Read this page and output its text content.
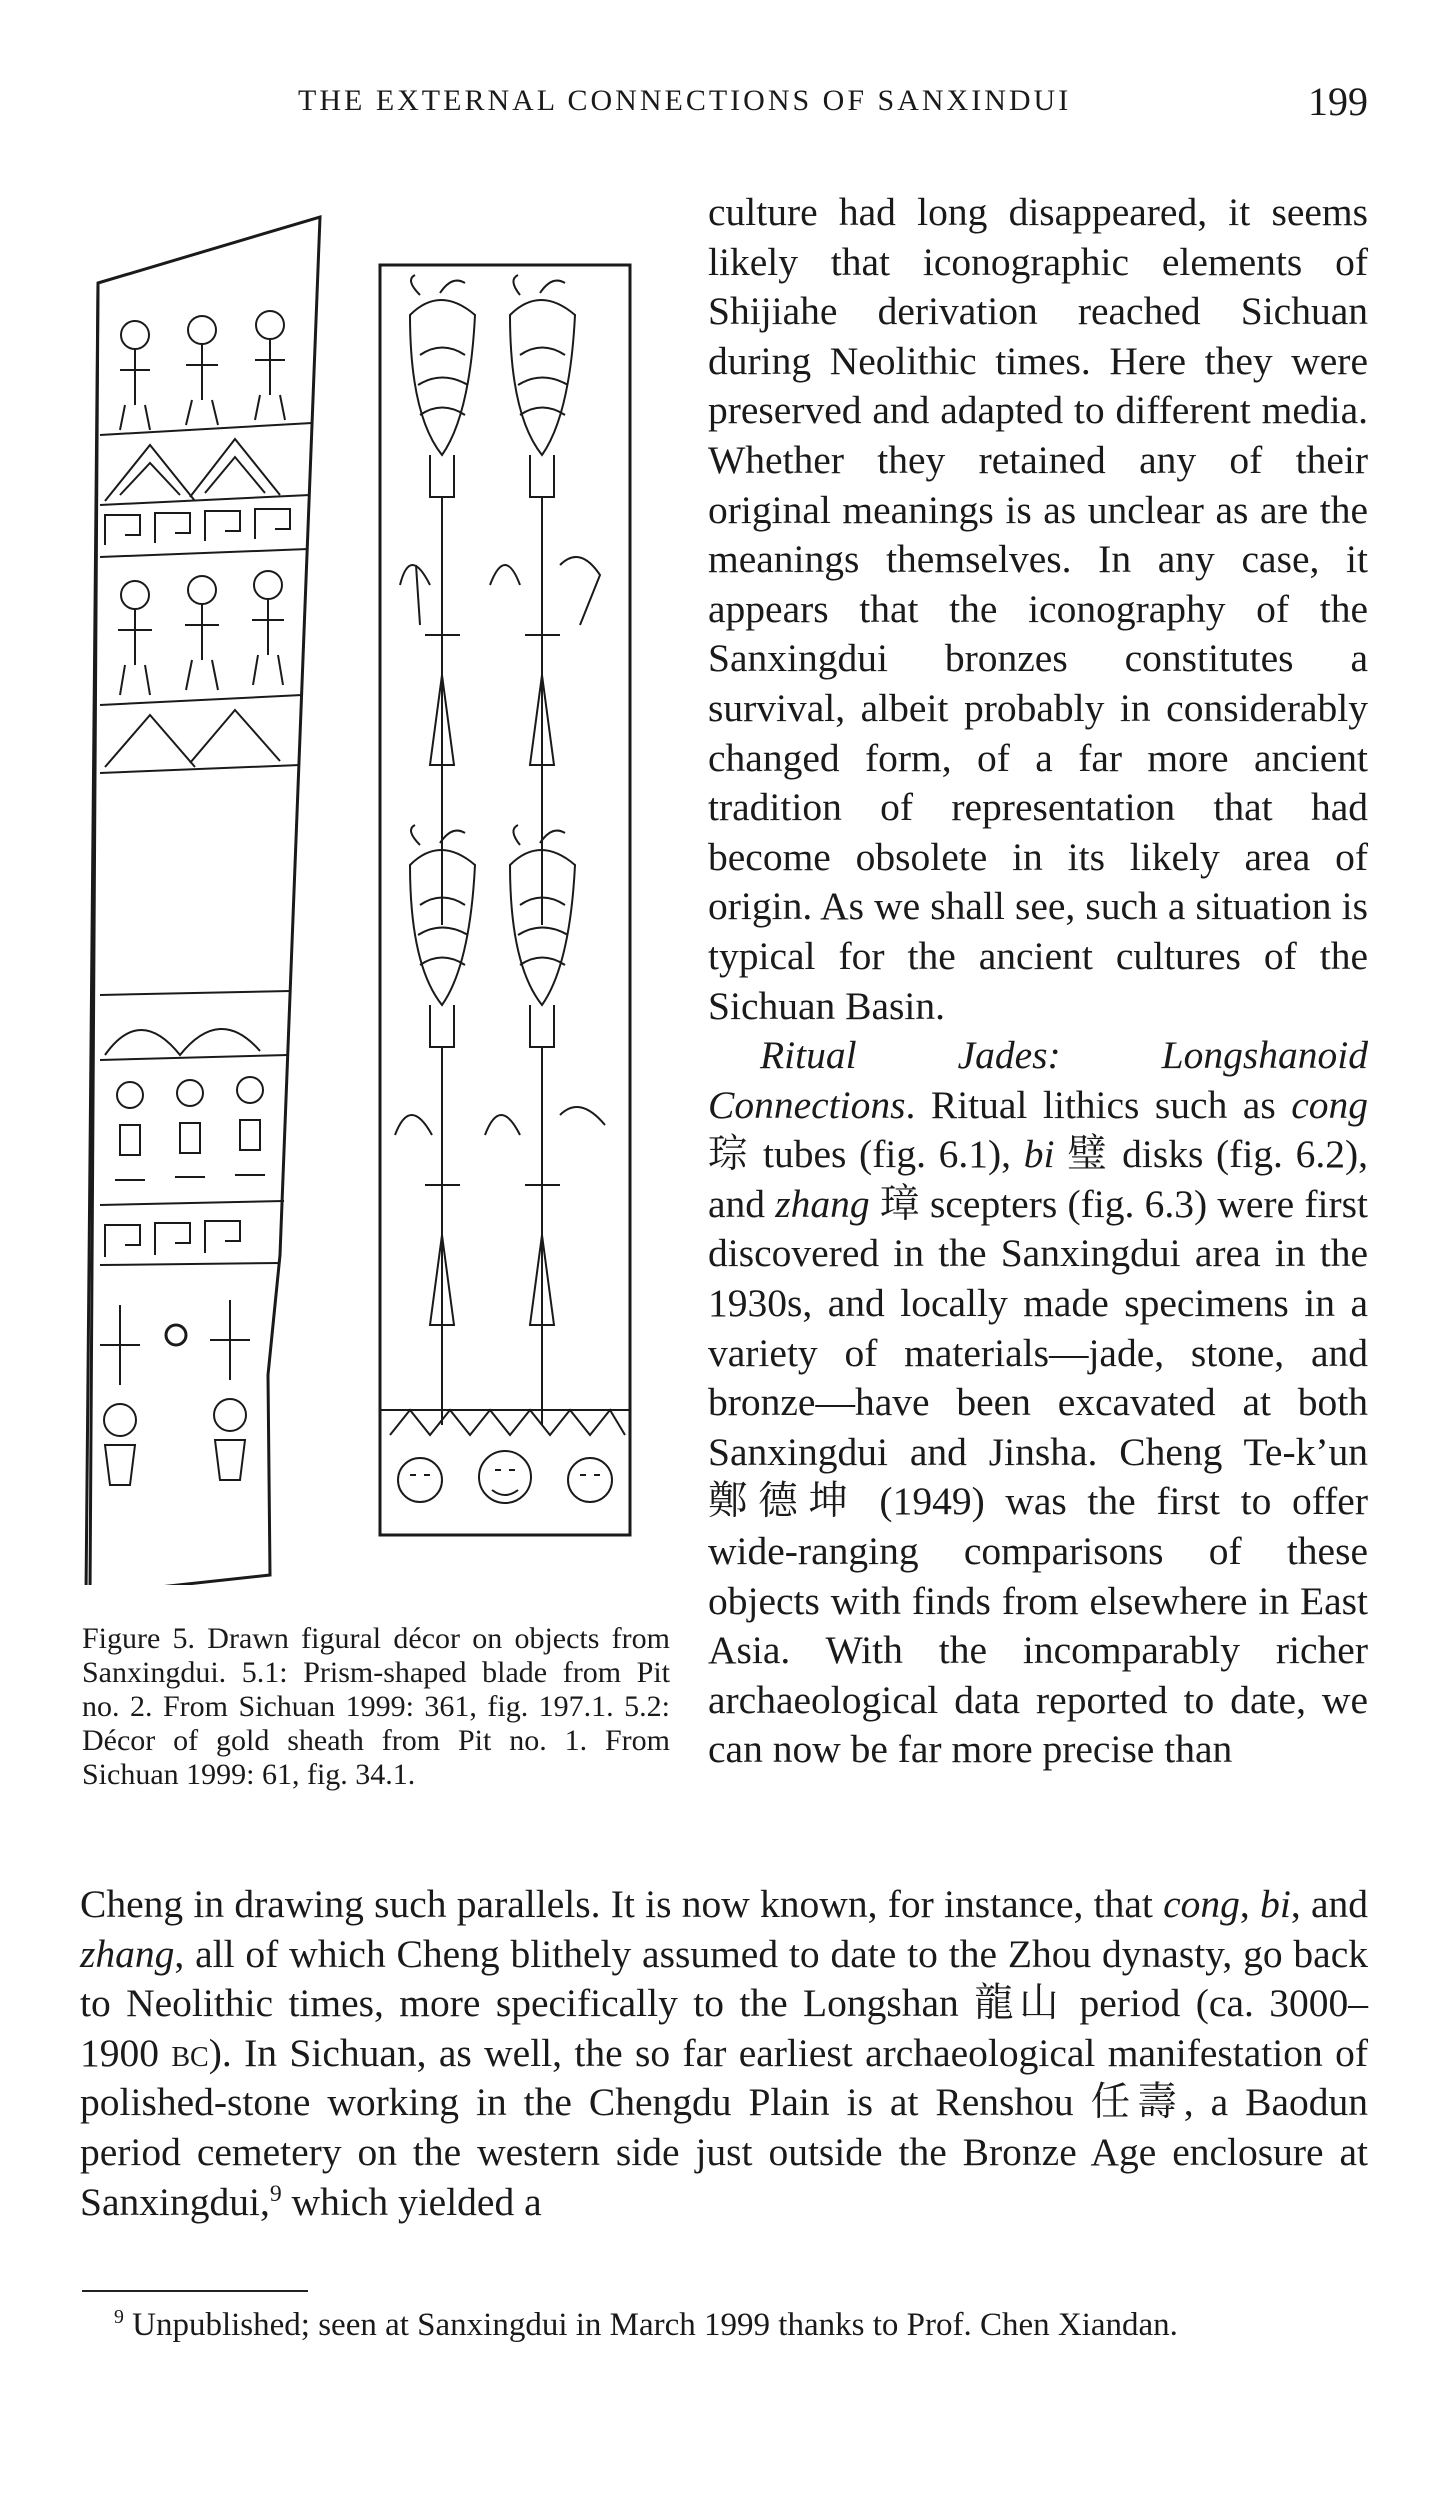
THE EXTERNAL CONNECTIONS OF SANXINDUI	199
Figure 5. Drawn figural décor on objects from Sanxingdui. 5.1: Prism-shaped blade from Pit no. 2. From Sichuan 1999: 361, fig. 197.1. 5.2: Décor of gold sheath from Pit no. 1. From Sichuan 1999: 61, fig. 34.1.

culture had long disappeared, it seems likely that iconographic elements of Shijiahe derivation reached Sichuan during Neolithic times. Here they were preserved and adapted to different media. Whether they retained any of their original meanings is as unclear as are the meanings themselves. In any case, it appears that the iconography of the Sanxingdui bronzes constitutes a survival, albeit probably in considerably changed form, of a far more ancient tradition of representation that had become obsolete in its likely area of origin. As we shall see, such a situation is typical for the ancient cultures of the Sichuan Basin.

Ritual Jades: Longshanoid Connections. Ritual lithics such as cong 琮 tubes (fig. 6.1), bi 璧 disks (fig. 6.2), and zhang 璋 scepters (fig. 6.3) were first discovered in the Sanxingdui area in the 1930s, and locally made specimens in a variety of materials—jade, stone, and bronze—have been excavated at both Sanxingdui and Jinsha. Cheng Te-k’un 鄭德坤 (1949) was the first to offer wide-ranging comparisons of these objects with finds from elsewhere in East Asia. With the incomparably richer archaeological data reported to date, we can now be far more precise than

Cheng in drawing such parallels. It is now known, for instance, that cong, bi, and zhang, all of which Cheng blithely assumed to date to the Zhou dynasty, go back to Neolithic times, more specifically to the Longshan 龍山 period (ca. 3000–1900 bc). In Sichuan, as well, the so far earliest archaeological manifestation of polished-stone working in the Chengdu Plain is at Renshou 任壽, a Baodun period cemetery on the western side just outside the Bronze Age enclosure at Sanxingdui,$^9$ which yielded a

$^9$ Unpublished; seen at Sanxingdui in March 1999 thanks to Prof. Chen Xiandan.
